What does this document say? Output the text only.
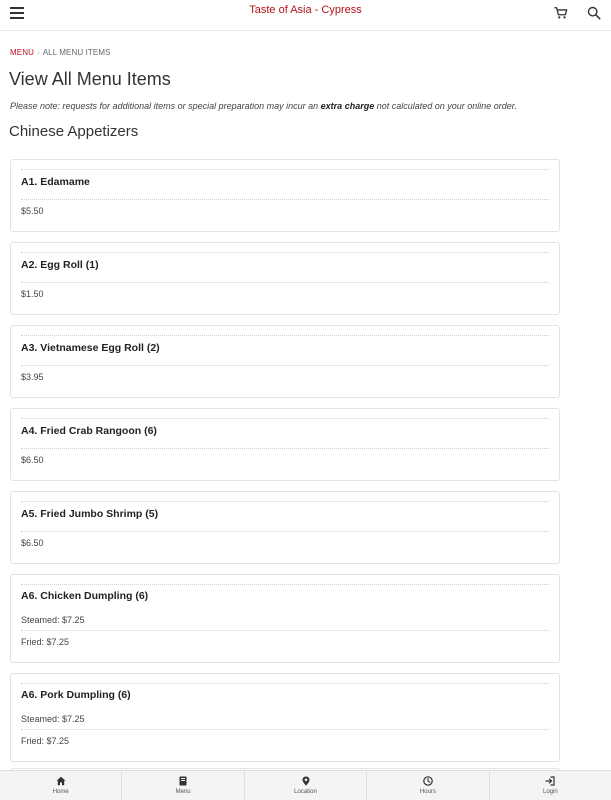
Taste of Asia - Cypress
MENU › ALL MENU ITEMS
View All Menu Items

Please note: requests for additional items or special preparation may incur an extra charge not calculated on your online order.

Chinese Appetizers
A1. Edamame
$5.50
A2. Egg Roll (1)
$1.50
A3. Vietnamese Egg Roll (2)
$3.95
A4. Fried Crab Rangoon (6)
$6.50
A5. Fried Jumbo Shrimp (5)
$6.50
A6. Chicken Dumpling (6)
Steamed: $7.25
Fried: $7.25
A6. Pork Dumpling (6)
Steamed: $7.25
Fried: $7.25
Home	Menu	Location	Hours	Login
